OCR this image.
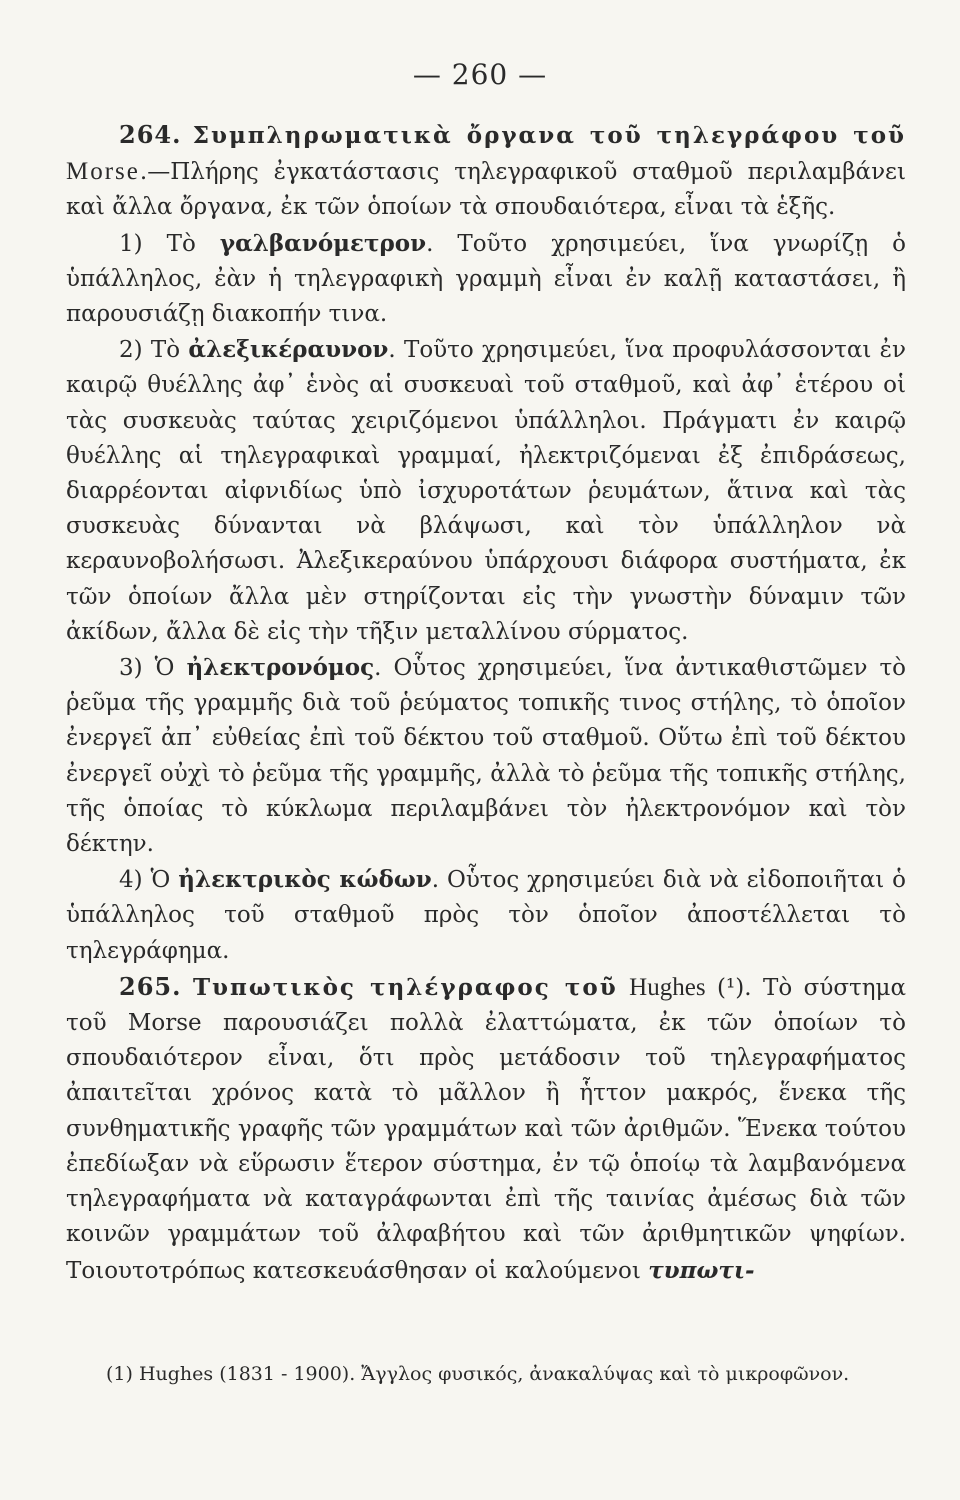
— 260 —

264. Συμπληρωματικὰ ὄργανα τοῦ τηλεγράφου τοῦ Morse.—Πλήρης ἐγκατάστασις τηλεγραφικοῦ σταθμοῦ περιλαμβάνει καὶ ἄλλα ὄργανα, ἐκ τῶν ὁποίων τὰ σπουδαιότερα, εἶναι τὰ ἑξῆς.

1) Τὸ γαλβανόμετρον. Τοῦτο χρησιμεύει, ἵνα γνωρίζῃ ὁ ὑπάλληλος, ἐὰν ἡ τηλεγραφικὴ γραμμὴ εἶναι ἐν καλῇ καταστάσει, ἢ παρουσιάζῃ διακοπήν τινα.

2) Τὸ ἀλεξικέραυνον. Τοῦτο χρησιμεύει, ἵνα προφυλάσσονται ἐν καιρῷ θυέλλης ἀφ᾽ ἑνὸς αἱ συσκευαὶ τοῦ σταθμοῦ, καὶ ἀφ᾽ ἑτέρου οἱ τὰς συσκευὰς ταύτας χειριζόμενοι ὑπάλληλοι. Πράγματι ἐν καιρῷ θυέλλης αἱ τηλεγραφικαὶ γραμμαί, ἠλεκτριζόμεναι ἐξ ἐπιδράσεως, διαρρέονται αἰφνιδίως ὑπὸ ἰσχυροτάτων ῥευμάτων, ἅτινα καὶ τὰς συσκευὰς δύνανται νὰ βλάψωσι, καὶ τὸν ὑπάλληλον νὰ κεραυνοβολήσωσι. Ἀλεξικεραύνου ὑπάρχουσι διάφορα συστήματα, ἐκ τῶν ὁποίων ἄλλα μὲν στηρίζονται εἰς τὴν γνωστὴν δύναμιν τῶν ἀκίδων, ἄλλα δὲ εἰς τὴν τῆξιν μεταλλίνου σύρματος.

3) Ὁ ἠλεκτρονόμος. Οὗτος χρησιμεύει, ἵνα ἀντικαθιστῶμεν τὸ ῥεῦμα τῆς γραμμῆς διὰ τοῦ ῥεύματος τοπικῆς τινος στήλης, τὸ ὁποῖον ἐνεργεῖ ἀπ᾽ εὐθείας ἐπὶ τοῦ δέκτου τοῦ σταθμοῦ. Οὕτω ἐπὶ τοῦ δέκτου ἐνεργεῖ οὐχὶ τὸ ῥεῦμα τῆς γραμμῆς, ἀλλὰ τὸ ῥεῦμα τῆς τοπικῆς στήλης, τῆς ὁποίας τὸ κύκλωμα περιλαμβάνει τὸν ἠλεκτρονόμον καὶ τὸν δέκτην.

4) Ὁ ἠλεκτρικὸς κώδων. Οὗτος χρησιμεύει διὰ νὰ εἰδοποιῆται ὁ ὑπάλληλος τοῦ σταθμοῦ πρὸς τὸν ὁποῖον ἀποστέλλεται τὸ τηλεγράφημα.

265. Τυπωτικὸς τηλέγραφος τοῦ Hughes (¹). Τὸ σύστημα τοῦ Morse παρουσιάζει πολλὰ ἐλαττώματα, ἐκ τῶν ὁποίων τὸ σπουδαιότερον εἶναι, ὅτι πρὸς μετάδοσιν τοῦ τηλεγραφήματος ἀπαιτεῖται χρόνος κατὰ τὸ μᾶλλον ἢ ἧττον μακρός, ἕνεκα τῆς συνθηματικῆς γραφῆς τῶν γραμμάτων καὶ τῶν ἀριθμῶν. Ἕνεκα τούτου ἐπεδίωξαν νὰ εὕρωσιν ἕτερον σύστημα, ἐν τῷ ὁποίῳ τὰ λαμβανόμενα τηλεγραφήματα νὰ καταγράφωνται ἐπὶ τῆς ταινίας ἀμέσως διὰ τῶν κοινῶν γραμμάτων τοῦ ἀλφαβήτου καὶ τῶν ἀριθμητικῶν ψηφίων. Τοιουτοτρόπως κατεσκευάσθησαν οἱ καλούμενοι τυπωτι-

(1) Hughes (1831 - 1900). Ἄγγλος φυσικός, ἀνακαλύψας καὶ τὸ μικροφῶνον.
